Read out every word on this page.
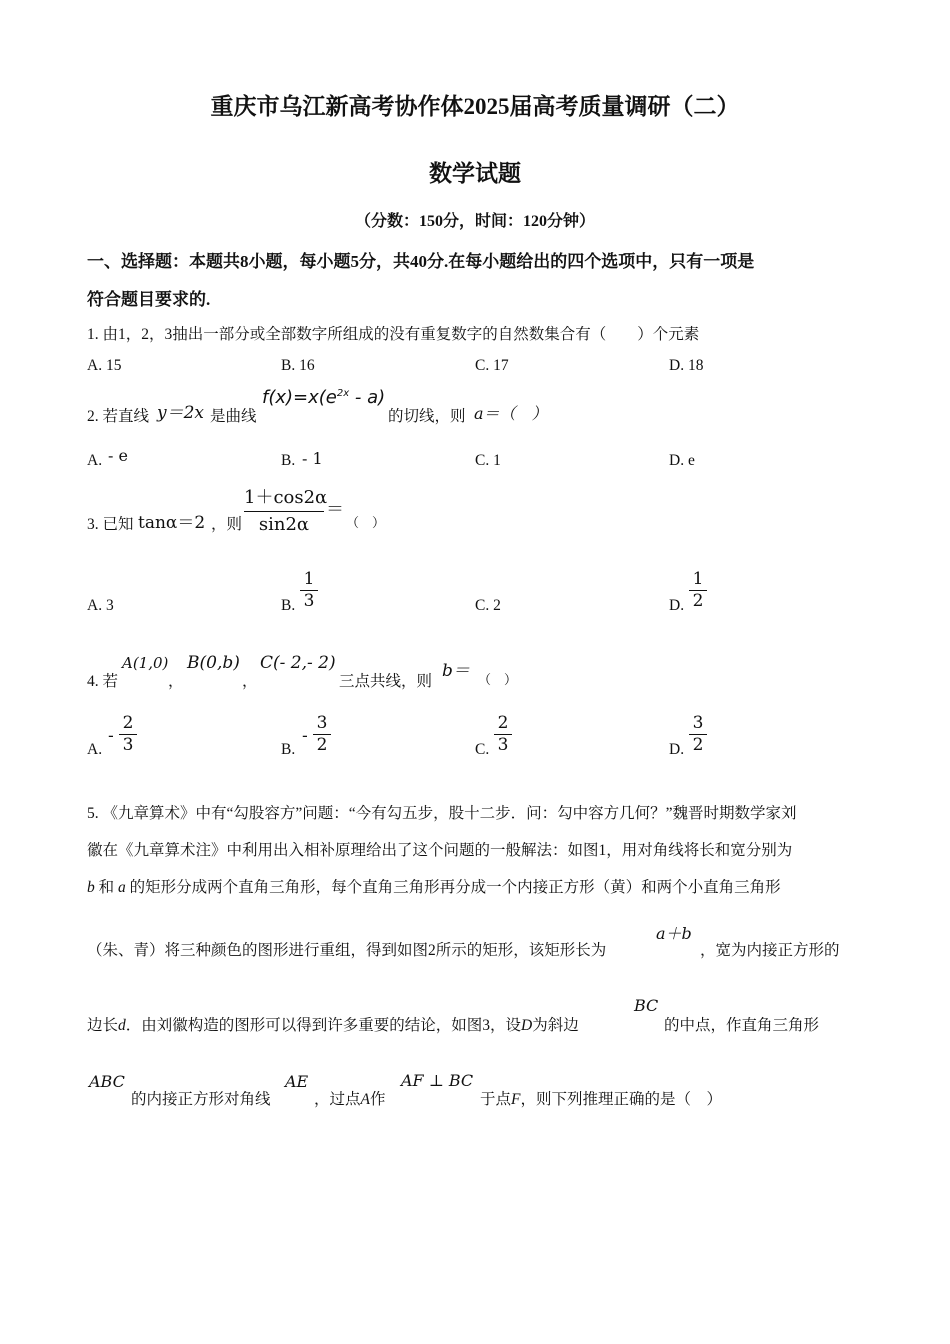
重庆市乌江新高考协作体2025届高考质量调研（二）
数学试题
（分数：150分，时间：120分钟）
一、选择题：本题共8小题，每小题5分，共40分.在每小题给出的四个选项中，只有一项是
符合题目要求的.
1. 由1，2，3抽出一部分或全部数字所组成的没有重复数字的自然数集合有（　　）个元素
A. 15	B. 16	C. 17	D. 18
2. 若直线 y＝2x 是曲线
$f(x)=x(e^{2x} - a)$
的切线，则 a＝（　）
A. - e	B. - 1	C. 1	D. e
3. 已知 tanα＝2 ，则
1＋cos2α
sin2α
＝
（　）
A. 3	B.
1
3	C. 2	D.
1
2
4. 若
A(1,0)
，
B(0,b)
，
C(- 2,- 2)
三点共线，则
b＝ （　）
A.
-
2
3	B.
-
3
2	C.
2
3	D.
3
2
5. 《九章算术》中有“勾股容方”问题：“今有勾五步，股十二步．问：勾中容方几何？”魏晋时期数学家刘
徽在《九章算术注》中利用出入相补原理给出了这个问题的一般解法：如图1，用对角线将长和宽分别为
b 和 a 的矩形分成两个直角三角形，每个直角三角形再分成一个内接正方形（黄）和两个小直角三角形
（朱、青）将三种颜色的图形进行重组，得到如图2所示的矩形，该矩形长为
a＋b
，宽为内接正方形的
边长d．由刘徽构造的图形可以得到许多重要的结论，如图3，设D为斜边
BC
的中点，作直角三角形
ABC
的内接正方形对角线
AE
，过点A作
AF ⊥ BC
于点F，则下列推理正确的是（　）
